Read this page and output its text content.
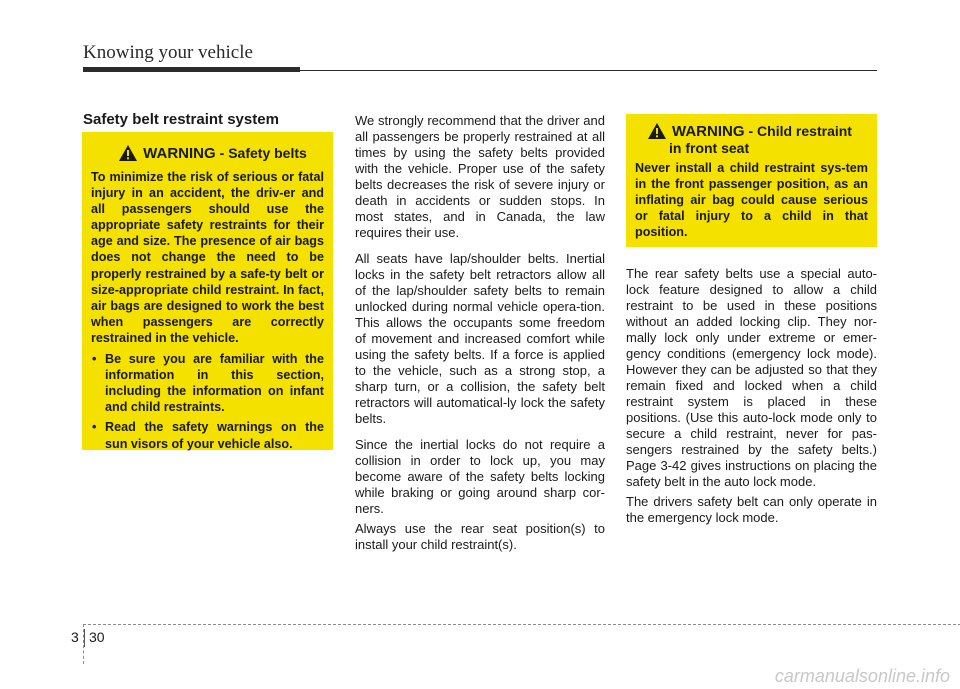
Knowing your vehicle
Safety belt restraint system
WARNING - Safety belts
To minimize the risk of serious or fatal injury in an accident, the driv-er and all passengers should use the appropriate safety restraints for their age and size. The presence of air bags does not change the need to be properly restrained by a safe-ty belt or size-appropriate child restraint. In fact, air bags are designed to work the best when passengers are correctly restrained in the vehicle.
• Be sure you are familiar with the information in this section, including the information on infant and child restraints.
• Read the safety warnings on the sun visors of your vehicle also.

We strongly recommend that the driver and all passengers be properly restrained at all times by using the safety belts provided with the vehicle. Proper use of the safety belts decreases the risk of severe injury or death in accidents or sudden stops. In most states, and in Canada, the law requires their use.

All seats have lap/shoulder belts. Inertial locks in the safety belt retractors allow all of the lap/shoulder safety belts to remain unlocked during normal vehicle opera-tion. This allows the occupants some freedom of movement and increased comfort while using the safety belts. If a force is applied to the vehicle, such as a strong stop, a sharp turn, or a collision, the safety belt retractors will automatical-ly lock the safety belts.

Since the inertial locks do not require a collision in order to lock up, you may become aware of the safety belts locking while braking or going around sharp cor-ners.

Always use the rear seat position(s) to install your child restraint(s).

WARNING - Child restraint
in front seat
Never install a child restraint sys-tem in the front passenger position, as an inflating air bag could cause serious or fatal injury to a child in that position.

The rear safety belts use a special auto-lock feature designed to allow a child restraint to be used in these positions without an added locking clip. They nor-mally lock only under extreme or emer-gency conditions (emergency lock mode). However they can be adjusted so that they remain fixed and locked when a child restraint system is placed in these positions. (Use this auto-lock mode only to secure a child restraint, never for pas-sengers restrained by the safety belts.) Page 3-42 gives instructions on placing the safety belt in the auto lock mode.

The drivers safety belt can only operate in the emergency lock mode.

3 30
carmanualsonline.info
